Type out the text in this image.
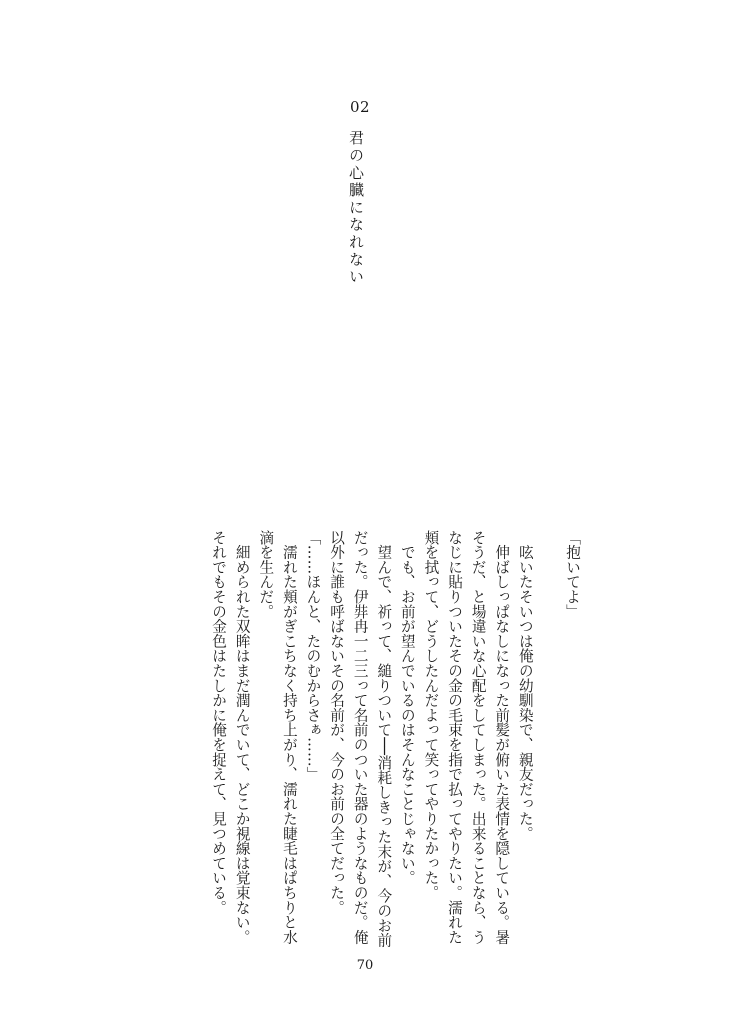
02
君の心臓になれない

「抱いてよ」

　呟いたそいつは俺の幼馴染で、親友だった。

　伸ばしっぱなしになった前髪が俯いた表情を隠している。暑そうだ、と場違いな心配をしてしまった。出来ることなら、うなじに貼りついたその金の毛束を指で払ってやりたい。濡れた頬を拭って、どうしたんだよって笑ってやりたかった。

　でも、お前が望んでいるのはそんなことじゃない。

　望んで、祈って、縋りついて──消耗しきった末が、今のお前だった。伊弉冉一二三って名前のついた器のようなものだ。俺以外に誰も呼ばないその名前が、今のお前の全てだった。

「……ほんと、たのむからさぁ……」

　濡れた頬がぎこちなく持ち上がり、濡れた睫毛はぱちりと水滴を生んだ。

　細められた双眸はまだ潤んでいて、どこか視線は覚束ない。それでもその金色はたしかに俺を捉えて、見つめている。

70
